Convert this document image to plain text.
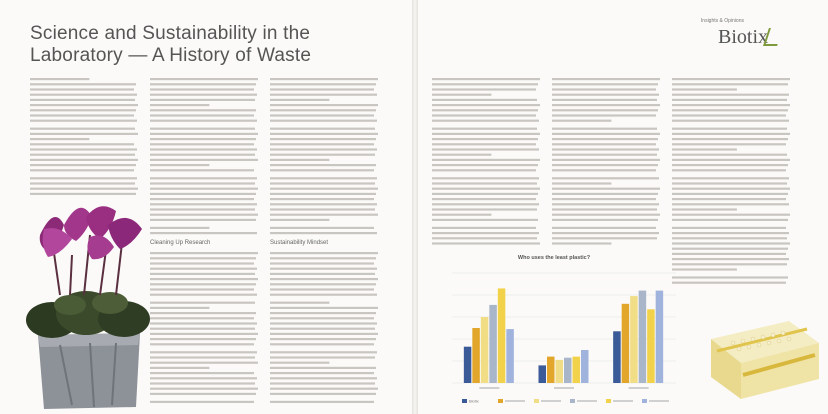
Science and Sustainability in the
Laboratory — A History of Waste
Cleaning Up Research	Sustainability Mindset
Insights & Opinions
Biotix
Who uses the least plastic?
Biotix
